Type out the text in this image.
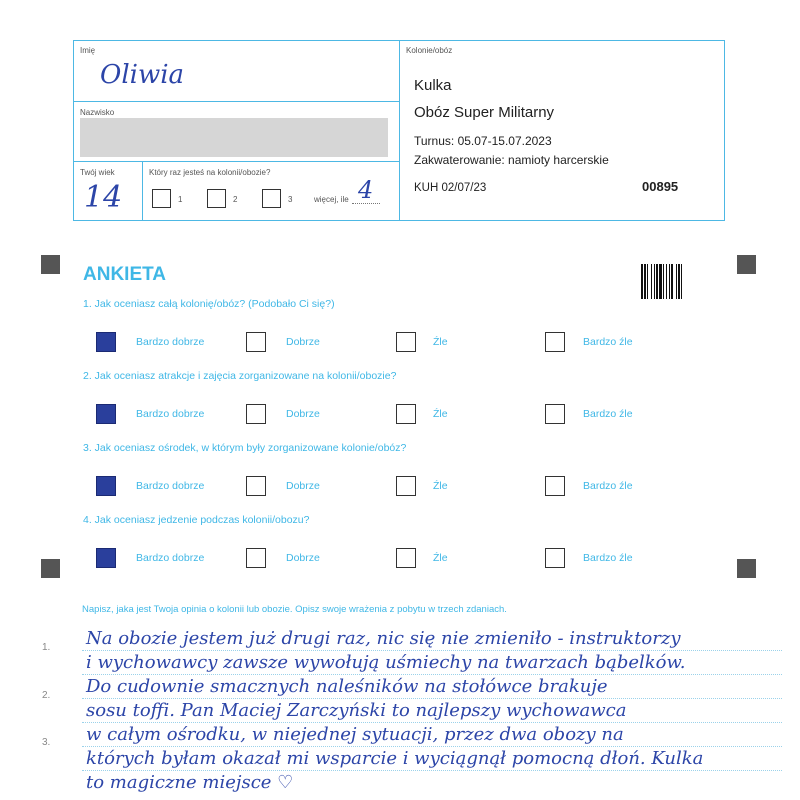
Imię
Oliwia
Nazwisko
Twój wiek
14
Który raz jesteś na kolonii/obozie?
1	2	3	więcej, ile 4
Kolonie/obóz
Kulka
Obóz Super Militarny
Turnus: 05.07-15.07.2023
Zakwaterowanie: namioty harcerskie
KUH 02/07/23	00895
ANKIETA
1. Jak oceniasz całą kolonię/obóz? (Podobało Ci się?)
Bardzo dobrze	Dobrze	Źle	Bardzo źle
2. Jak oceniasz atrakcje i zajęcia zorganizowane na kolonii/obozie?
Bardzo dobrze	Dobrze	Źle	Bardzo źle
3. Jak oceniasz ośrodek, w którym były zorganizowane kolonie/obóz?
Bardzo dobrze	Dobrze	Źle	Bardzo źle
4. Jak oceniasz jedzenie podczas kolonii/obozu?
Bardzo dobrze	Dobrze	Źle	Bardzo źle
Napisz, jaka jest Twoja opinia o kolonii lub obozie. Opisz swoje wrażenia z pobytu w trzech zdaniach.
1.
2.
3.
Na obozie jestem już drugi raz, nic się nie zmieniło - instruktorzy
i wychowawcy zawsze wywołują uśmiechy na twarzach bąbelków.
Do cudownie smacznych naleśników na stołówce brakuje
sosu toffi. Pan Maciej Zarczyński to najlepszy wychowawca
w całym ośrodku, w niejednej sytuacji, przez dwa obozy na
których byłam okazał mi wsparcie i wyciągnął pomocną dłoń. Kulka
to magiczne miejsce ♡
